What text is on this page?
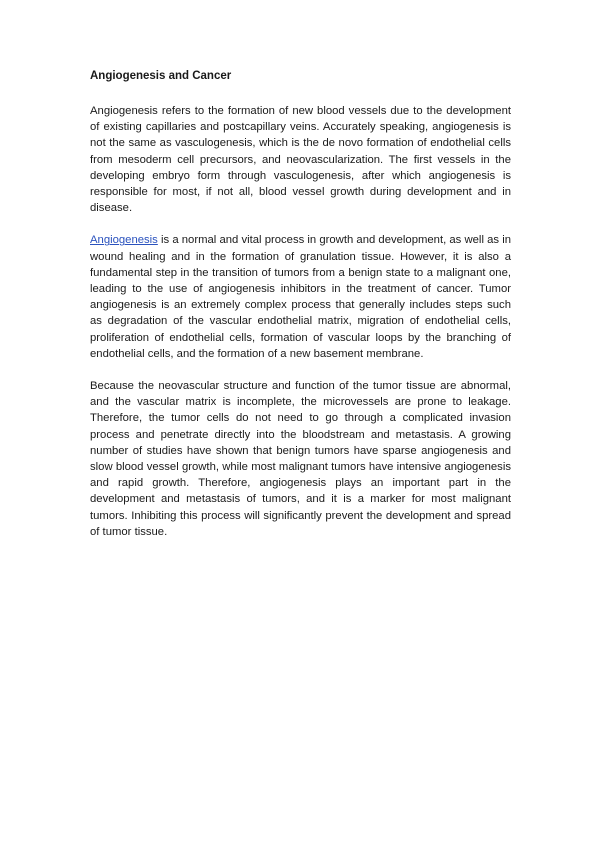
Angiogenesis and Cancer

Angiogenesis refers to the formation of new blood vessels due to the development of existing capillaries and postcapillary veins. Accurately speaking, angiogenesis is not the same as vasculogenesis, which is the de novo formation of endothelial cells from mesoderm cell precursors, and neovascularization. The first vessels in the developing embryo form through vasculogenesis, after which angiogenesis is responsible for most, if not all, blood vessel growth during development and in disease.

Angiogenesis is a normal and vital process in growth and development, as well as in wound healing and in the formation of granulation tissue. However, it is also a fundamental step in the transition of tumors from a benign state to a malignant one, leading to the use of angiogenesis inhibitors in the treatment of cancer. Tumor angiogenesis is an extremely complex process that generally includes steps such as degradation of the vascular endothelial matrix, migration of endothelial cells, proliferation of endothelial cells, formation of vascular loops by the branching of endothelial cells, and the formation of a new basement membrane.

Because the neovascular structure and function of the tumor tissue are abnormal, and the vascular matrix is incomplete, the microvessels are prone to leakage. Therefore, the tumor cells do not need to go through a complicated invasion process and penetrate directly into the bloodstream and metastasis. A growing number of studies have shown that benign tumors have sparse angiogenesis and slow blood vessel growth, while most malignant tumors have intensive angiogenesis and rapid growth. Therefore, angiogenesis plays an important part in the development and metastasis of tumors, and it is a marker for most malignant tumors. Inhibiting this process will significantly prevent the development and spread of tumor tissue.
